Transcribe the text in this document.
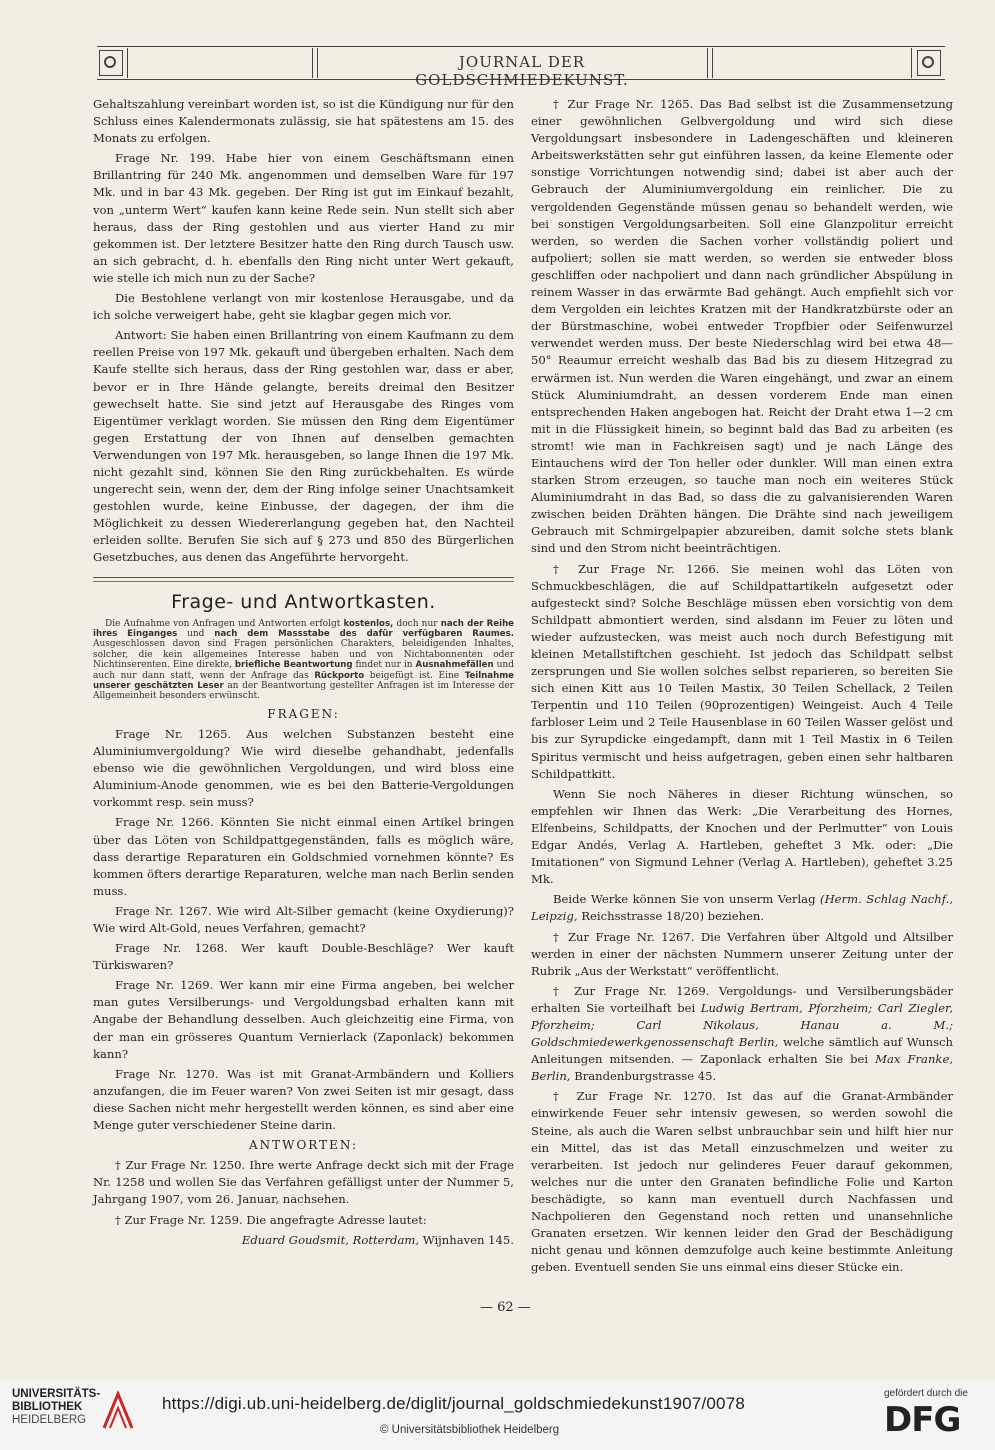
JOURNAL DER GOLDSCHMIEDEKUNST.

Gehaltszahlung vereinbart worden ist, so ist die Kündigung nur für den Schluss eines Kalendermonats zulässig, sie hat spätestens am 15. des Monats zu erfolgen.

Frage Nr. 199. Habe hier von einem Geschäftsmann einen Brillantring für 240 Mk. angenommen und demselben Ware für 197 Mk. und in bar 43 Mk. gegeben. Der Ring ist gut im Einkauf bezahlt, von „unterm Wert“ kaufen kann keine Rede sein. Nun stellt sich aber heraus, dass der Ring gestohlen und aus vierter Hand zu mir gekommen ist. Der letztere Besitzer hatte den Ring durch Tausch usw. an sich gebracht, d. h. ebenfalls den Ring nicht unter Wert gekauft, wie stelle ich mich nun zu der Sache?

Die Bestohlene verlangt von mir kostenlose Herausgabe, und da ich solche verweigert habe, geht sie klagbar gegen mich vor.

Antwort: Sie haben einen Brillantring von einem Kaufmann zu dem reellen Preise von 197 Mk. gekauft und übergeben erhalten. Nach dem Kaufe stellte sich heraus, dass der Ring gestohlen war, dass er aber, bevor er in Ihre Hände gelangte, bereits dreimal den Besitzer gewechselt hatte. Sie sind jetzt auf Herausgabe des Ringes vom Eigentümer verklagt worden. Sie müssen den Ring dem Eigentümer gegen Erstattung der von Ihnen auf denselben gemachten Verwendungen von 197 Mk. herausgeben, so lange Ihnen die 197 Mk. nicht gezahlt sind, können Sie den Ring zurückbehalten. Es würde ungerecht sein, wenn der, dem der Ring infolge seiner Unachtsamkeit gestohlen wurde, keine Einbusse, der dagegen, der ihm die Möglichkeit zu dessen Wiedererlangung gegeben hat, den Nachteil erleiden sollte. Berufen Sie sich auf § 273 und 850 des Bürgerlichen Gesetzbuches, aus denen das Angeführte hervorgeht.

Frage- und Antwortkasten.

Die Aufnahme von Anfragen und Antworten erfolgt kostenlos, doch nur nach der Reihe ihres Einganges und nach dem Massstabe des dafür verfügbaren Raumes. Ausgeschlossen davon sind Fragen persönlichen Charakters, beleidigenden Inhaltes, solcher, die kein allgemeines Interesse haben und von Nichtabonnenten oder Nichtinserenten. Eine direkte, briefliche Beantwortung findet nur in Ausnahmefällen und auch nur dann statt, wenn der Anfrage das Rückporto beigefügt ist. Eine Teilnahme unserer geschätzten Leser an der Beantwortung gestellter Anfragen ist im Interesse der Allgemeinheit besonders erwünscht.

FRAGEN:

Frage Nr. 1265. Aus welchen Substanzen besteht eine Aluminiumvergoldung? Wie wird dieselbe gehandhabt, jedenfalls ebenso wie die gewöhnlichen Vergoldungen, und wird bloss eine Aluminium-Anode genommen, wie es bei den Batterie-Vergoldungen vorkommt resp. sein muss?

Frage Nr. 1266. Könnten Sie nicht einmal einen Artikel bringen über das Löten von Schildpattgegenständen, falls es möglich wäre, dass derartige Reparaturen ein Goldschmied vornehmen könnte? Es kommen öfters derartige Reparaturen, welche man nach Berlin senden muss.

Frage Nr. 1267. Wie wird Alt-Silber gemacht (keine Oxydierung)? Wie wird Alt-Gold, neues Verfahren, gemacht?

Frage Nr. 1268. Wer kauft Double-Beschläge? Wer kauft Türkiswaren?

Frage Nr. 1269. Wer kann mir eine Firma angeben, bei welcher man gutes Versilberungs- und Vergoldungsbad erhalten kann mit Angabe der Behandlung desselben. Auch gleichzeitig eine Firma, von der man ein grösseres Quantum Vernierlack (Zaponlack) bekommen kann?

Frage Nr. 1270. Was ist mit Granat-Armbändern und Kolliers anzufangen, die im Feuer waren? Von zwei Seiten ist mir gesagt, dass diese Sachen nicht mehr hergestellt werden können, es sind aber eine Menge guter verschiedener Steine darin.

ANTWORTEN:

† Zur Frage Nr. 1250. Ihre werte Anfrage deckt sich mit der Frage Nr. 1258 und wollen Sie das Verfahren gefälligst unter der Nummer 5, Jahrgang 1907, vom 26. Januar, nachsehen.

† Zur Frage Nr. 1259. Die angefragte Adresse lautet:

Eduard Goudsmit, Rotterdam, Wijnhaven 145.

† Zur Frage Nr. 1265. Das Bad selbst ist die Zusammensetzung einer gewöhnlichen Gelbvergoldung und wird sich diese Vergoldungsart insbesondere in Ladengeschäften und kleineren Arbeitswerkstätten sehr gut einführen lassen, da keine Elemente oder sonstige Vorrichtungen notwendig sind; dabei ist aber auch der Gebrauch der Aluminiumvergoldung ein reinlicher. Die zu vergoldenden Gegenstände müssen genau so behandelt werden, wie bei sonstigen Vergoldungsarbeiten. Soll eine Glanzpolitur erreicht werden, so werden die Sachen vorher vollständig poliert und aufpoliert; sollen sie matt werden, so werden sie entweder bloss geschliffen oder nachpoliert und dann nach gründlicher Abspülung in reinem Wasser in das erwärmte Bad gehängt. Auch empfiehlt sich vor dem Vergolden ein leichtes Kratzen mit der Handkratzbürste oder an der Bürstmaschine, wobei entweder Tropfbier oder Seifenwurzel verwendet werden muss. Der beste Niederschlag wird bei etwa 48—50° Reaumur erreicht weshalb das Bad bis zu diesem Hitzegrad zu erwärmen ist. Nun werden die Waren eingehängt, und zwar an einem Stück Aluminiumdraht, an dessen vorderem Ende man einen entsprechenden Haken angebogen hat. Reicht der Draht etwa 1—2 cm mit in die Flüssigkeit hinein, so beginnt bald das Bad zu arbeiten (es stromt! wie man in Fachkreisen sagt) und je nach Länge des Eintauchens wird der Ton heller oder dunkler. Will man einen extra starken Strom erzeugen, so tauche man noch ein weiteres Stück Aluminiumdraht in das Bad, so dass die zu galvanisierenden Waren zwischen beiden Drähten hängen. Die Drähte sind nach jeweiligem Gebrauch mit Schmirgelpapier abzureiben, damit solche stets blank sind und den Strom nicht beeinträchtigen.

† Zur Frage Nr. 1266. Sie meinen wohl das Löten von Schmuckbeschlägen, die auf Schildpattartikeln aufgesetzt oder aufgesteckt sind? Solche Beschläge müssen eben vorsichtig von dem Schildpatt abmontiert werden, sind alsdann im Feuer zu löten und wieder aufzustecken, was meist auch noch durch Befestigung mit kleinen Metallstiftchen geschieht. Ist jedoch das Schildpatt selbst zersprungen und Sie wollen solches selbst reparieren, so bereiten Sie sich einen Kitt aus 10 Teilen Mastix, 30 Teilen Schellack, 2 Teilen Terpentin und 110 Teilen (90prozentigen) Weingeist. Auch 4 Teile farbloser Leim und 2 Teile Hausenblase in 60 Teilen Wasser gelöst und bis zur Syrupdicke eingedampft, dann mit 1 Teil Mastix in 6 Teilen Spiritus vermischt und heiss aufgetragen, geben einen sehr haltbaren Schildpattkitt.

Wenn Sie noch Näheres in dieser Richtung wünschen, so empfehlen wir Ihnen das Werk: „Die Verarbeitung des Hornes, Elfenbeins, Schildpatts, der Knochen und der Perlmutter“ von Louis Edgar Andés, Verlag A. Hartleben, geheftet 3 Mk. oder: „Die Imitationen“ von Sigmund Lehner (Verlag A. Hartleben), geheftet 3.25 Mk.

Beide Werke können Sie von unserm Verlag (Herm. Schlag Nachf., Leipzig, Reichsstrasse 18/20) beziehen.

† Zur Frage Nr. 1267. Die Verfahren über Altgold und Altsilber werden in einer der nächsten Nummern unserer Zeitung unter der Rubrik „Aus der Werkstatt“ veröffentlicht.

† Zur Frage Nr. 1269. Vergoldungs- und Versilberungsbäder erhalten Sie vorteilhaft bei Ludwig Bertram, Pforzheim; Carl Ziegler, Pforzheim; Carl Nikolaus, Hanau a. M.; Goldschmiedewerkgenossenschaft Berlin, welche sämtlich auf Wunsch Anleitungen mitsenden. — Zaponlack erhalten Sie bei Max Franke, Berlin, Brandenburgstrasse 45.

† Zur Frage Nr. 1270. Ist das auf die Granat-Armbänder einwirkende Feuer sehr intensiv gewesen, so werden sowohl die Steine, als auch die Waren selbst unbrauchbar sein und hilft hier nur ein Mittel, das ist das Metall einzuschmelzen und weiter zu verarbeiten. Ist jedoch nur gelinderes Feuer darauf gekommen, welches nur die unter den Granaten befindliche Folie und Karton beschädigte, so kann man eventuell durch Nachfassen und Nachpolieren den Gegenstand noch retten und unansehnliche Granaten ersetzen. Wir kennen leider den Grad der Beschädigung nicht genau und können demzufolge auch keine bestimmte Anleitung geben. Eventuell senden Sie uns einmal eins dieser Stücke ein.

— 62 —
UNIVERSITÄTS-
BIBLIOTHEK
HEIDELBERG
https://digi.ub.uni-heidelberg.de/diglit/journal_goldschmiedekunst1907/0078
© Universitätsbibliothek Heidelberg
gefördert durch die
DFG
